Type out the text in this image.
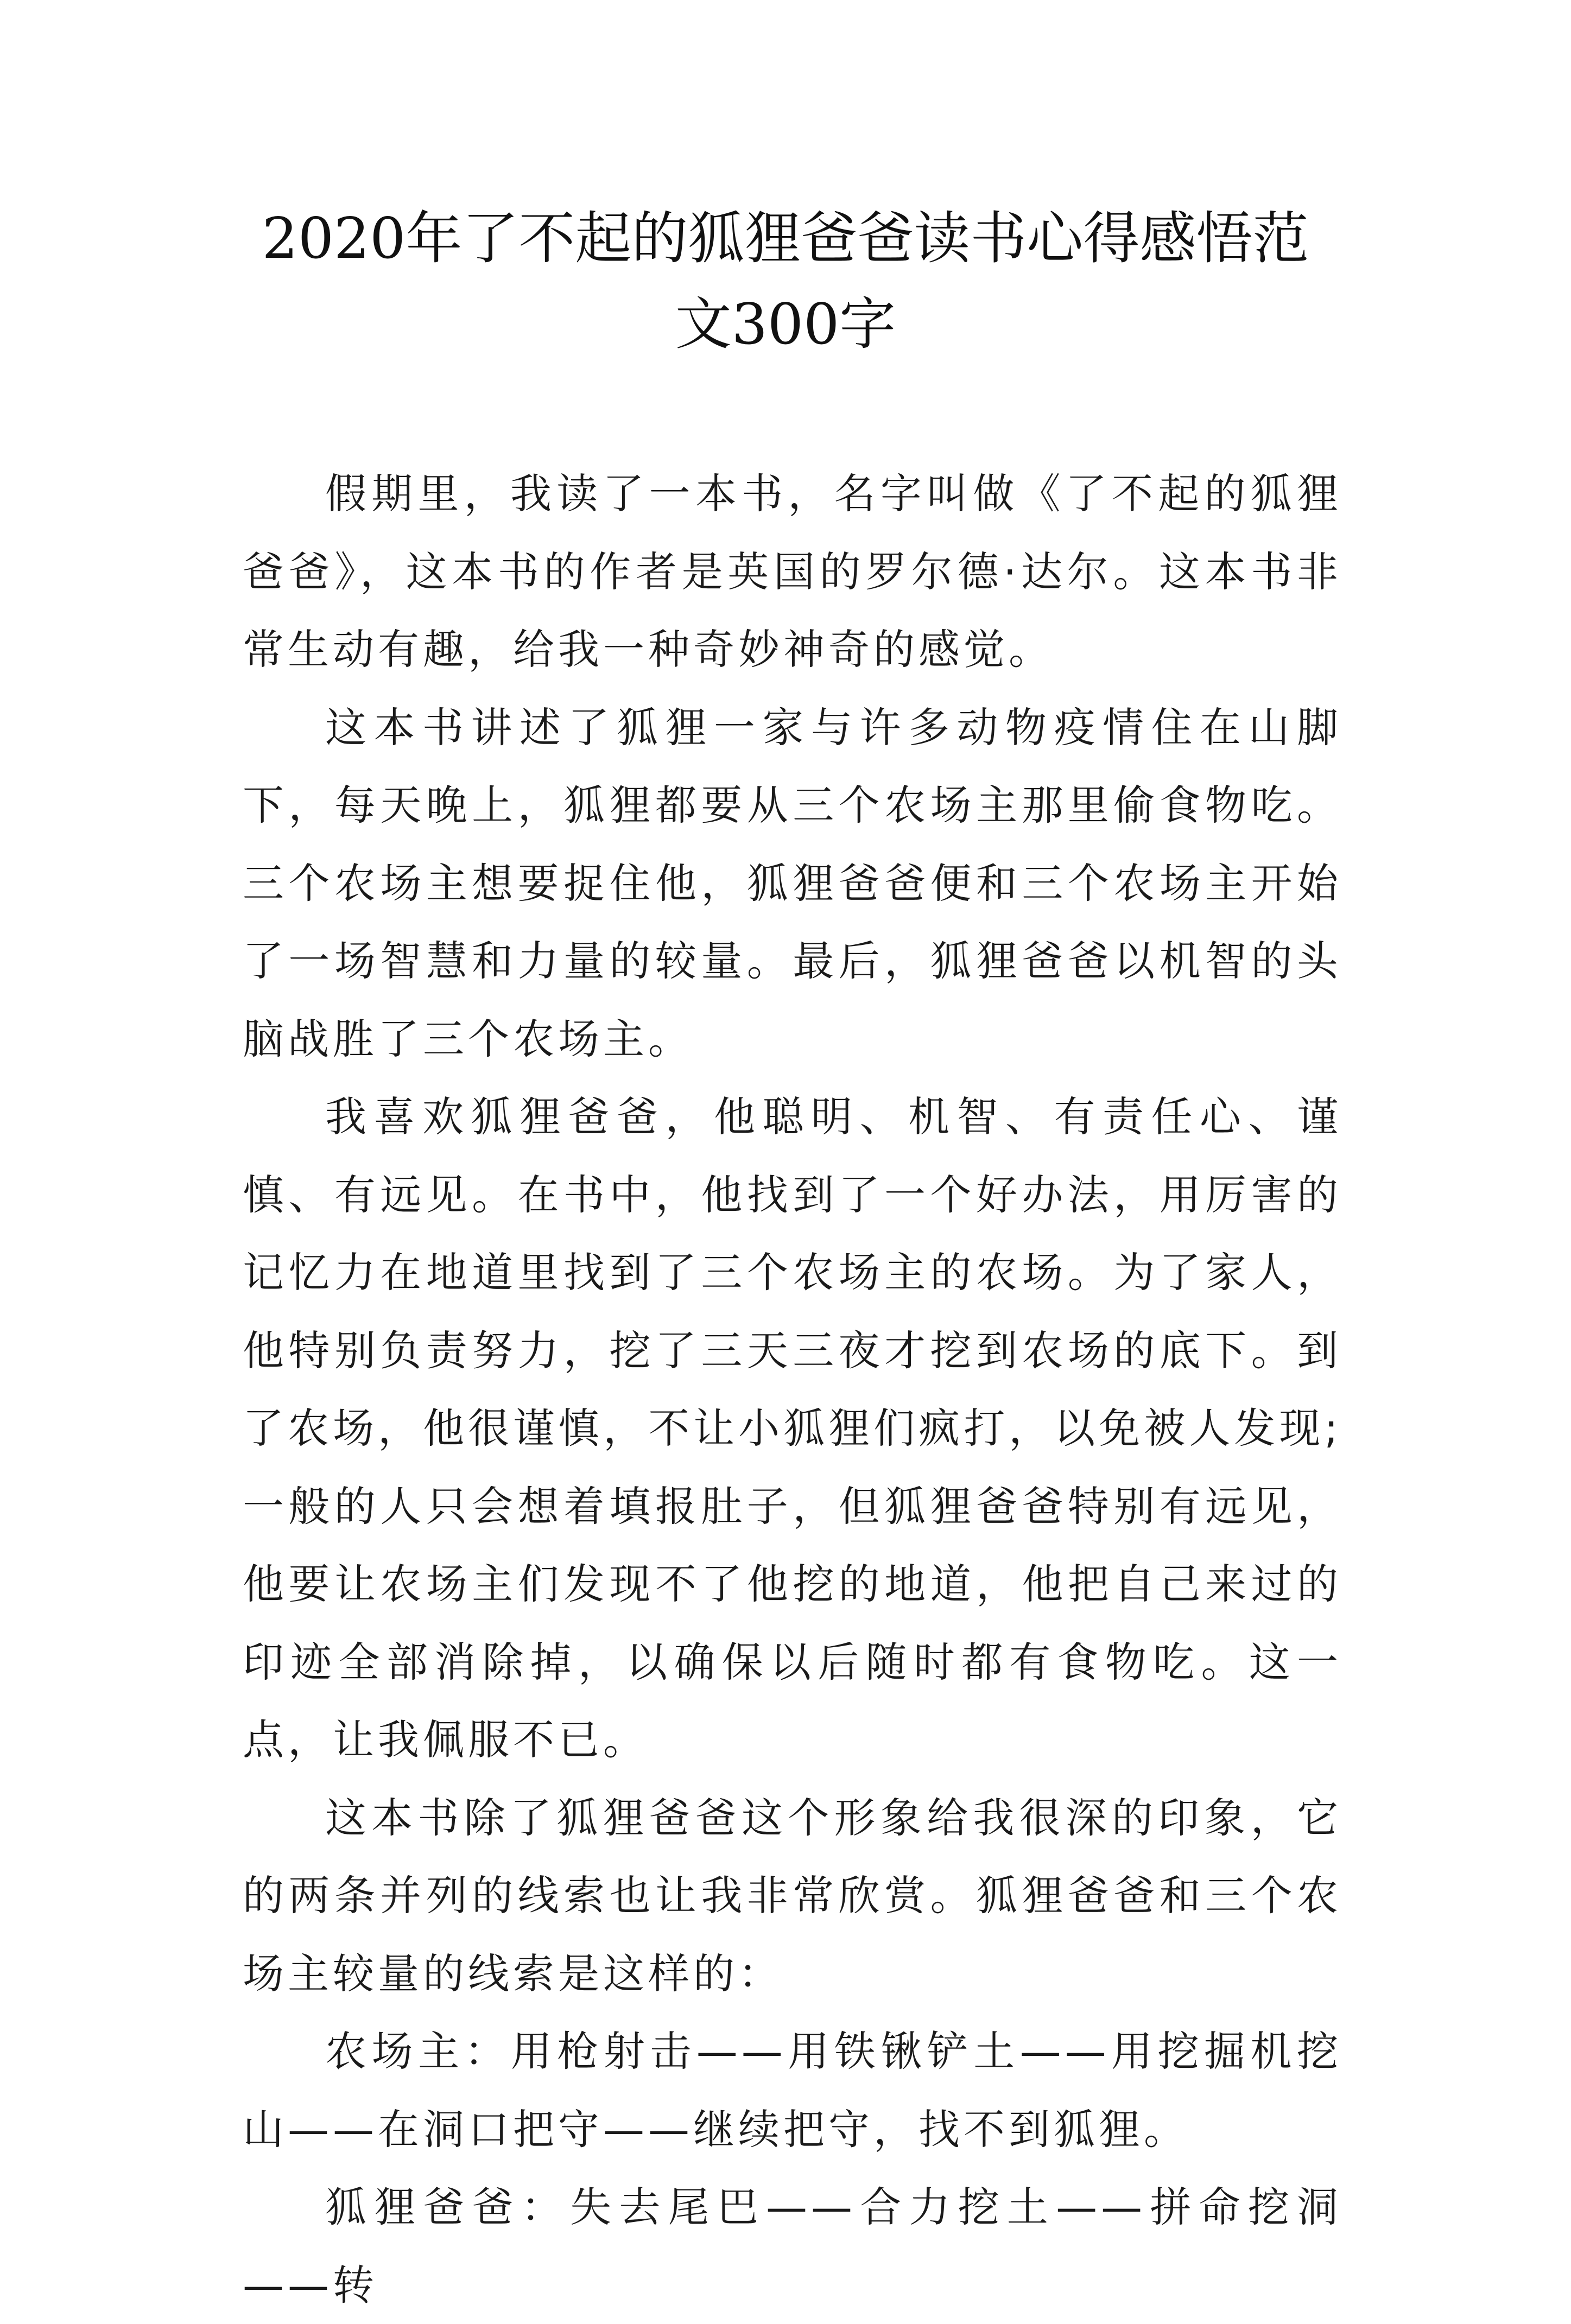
2020年了不起的狐狸爸爸读书心得感悟范
文300字

假期里，我读了一本书，名字叫做《了不起的狐狸爸爸》，这本书的作者是英国的罗尔德·达尔。这本书非常生动有趣，给我一种奇妙神奇的感觉。

这本书讲述了狐狸一家与许多动物疫情住在山脚下，每天晚上，狐狸都要从三个农场主那里偷食物吃。三个农场主想要捉住他，狐狸爸爸便和三个农场主开始了一场智慧和力量的较量。最后，狐狸爸爸以机智的头脑战胜了三个农场主。

我喜欢狐狸爸爸，他聪明、机智、有责任心、谨慎、有远见。在书中，他找到了一个好办法，用厉害的记忆力在地道里找到了三个农场主的农场。为了家人，他特别负责努力，挖了三天三夜才挖到农场的底下。到了农场，他很谨慎，不让小狐狸们疯打，以免被人发现;一般的人只会想着填报肚子，但狐狸爸爸特别有远见，他要让农场主们发现不了他挖的地道，他把自己来过的印迹全部消除掉，以确保以后随时都有食物吃。这一点，让我佩服不已。

这本书除了狐狸爸爸这个形象给我很深的印象，它的两条并列的线索也让我非常欣赏。狐狸爸爸和三个农场主较量的线索是这样的：

农场主：用枪射击——用铁锹铲土——用挖掘机挖山——在洞口把守——继续把守，找不到狐狸。

狐狸爸爸：失去尾巴——合力挖土——拼命挖洞——转
